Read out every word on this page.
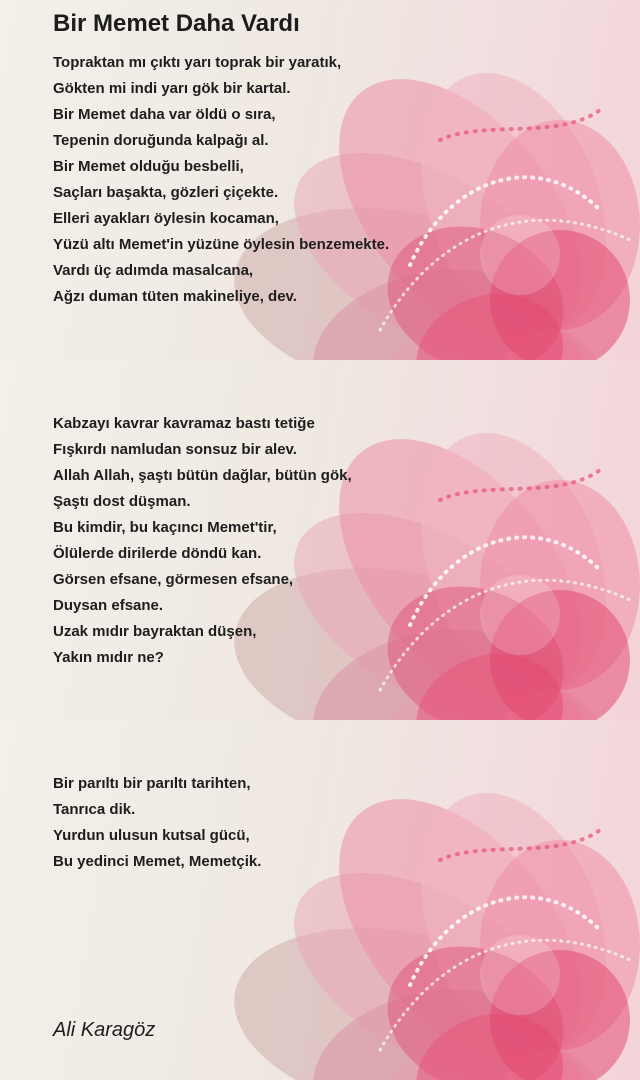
Bir Memet Daha Vardı
Topraktan mı çıktı yarı toprak bir yaratık,
Gökten mi indi yarı gök bir kartal.
Bir Memet daha var öldü o sıra,
Tepenin doruğunda kalpağı al.
Bir Memet olduğu besbelli,
Saçları başakta, gözleri çiçekte.
Elleri ayakları öylesin kocaman,
Yüzü altı Memet'in yüzüne öylesin benzemekte.
Vardı üç adımda masalcana,
Ağzı duman tüten makineliye, dev.
Kabzayı kavrar kavramaz bastı tetiğe
Fışkırdı namludan sonsuz bir alev.
Allah Allah, şaştı bütün dağlar, bütün gök,
Şaştı dost düşman.
Bu kimdir, bu kaçıncı Memet'tir,
Ölülerde dirilerde döndü kan.
Görsen efsane, görmesen efsane,
Duysan efsane.
Uzak mıdır bayraktan düşen,
Yakın mıdır ne?
Bir parıltı bir parıltı tarihten,
Tanrıca dik.
Yurdun ulusun kutsal gücü,
Bu yedinci Memet, Memetçik.
Ali Karagöz
